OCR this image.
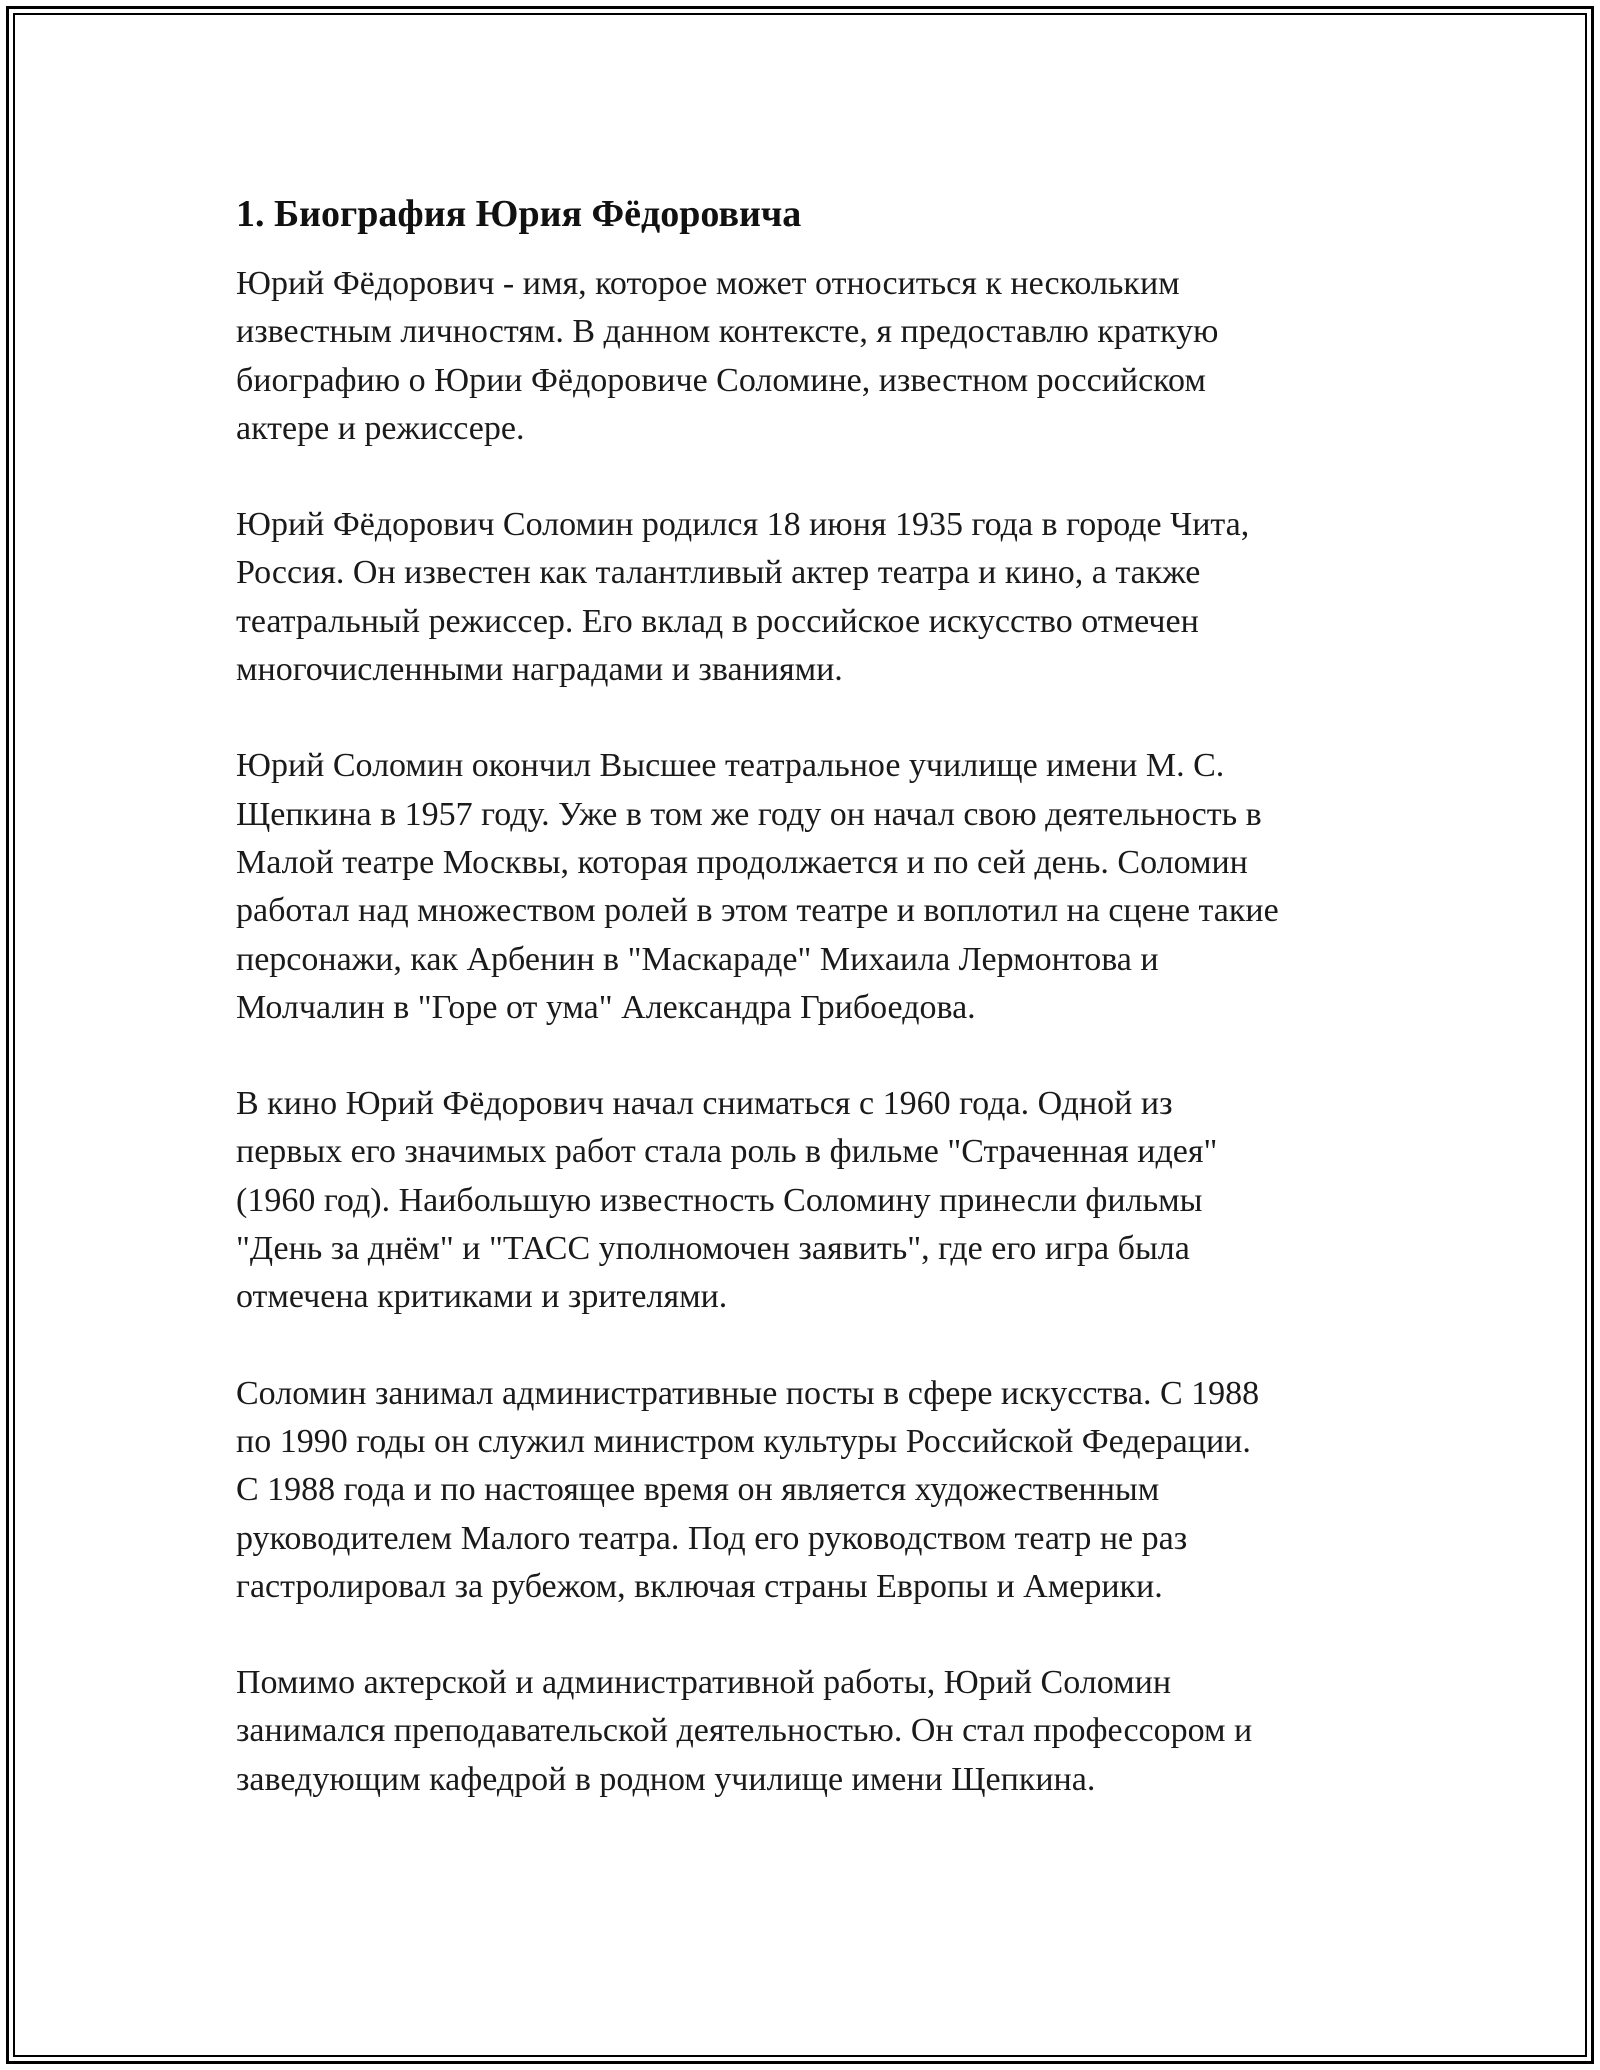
1. Биография Юрия Фёдоровича
Юрий Фёдорович - имя, которое может относиться к нескольким
известным личностям. В данном контексте, я предоставлю краткую
биографию о Юрии Фёдоровиче Соломине, известном российском
актере и режиссере.
Юрий Фёдорович Соломин родился 18 июня 1935 года в городе Чита,
Россия. Он известен как талантливый актер театра и кино, а также
театральный режиссер. Его вклад в российское искусство отмечен
многочисленными наградами и званиями.
Юрий Соломин окончил Высшее театральное училище имени М. С.
Щепкина в 1957 году. Уже в том же году он начал свою деятельность в
Малой театре Москвы, которая продолжается и по сей день. Соломин
работал над множеством ролей в этом театре и воплотил на сцене такие
персонажи, как Арбенин в "Маскараде" Михаила Лермонтова и
Молчалин в "Горе от ума" Александра Грибоедова.
В кино Юрий Фёдорович начал сниматься с 1960 года. Одной из
первых его значимых работ стала роль в фильме "Страченная идея"
(1960 год). Наибольшую известность Соломину принесли фильмы
"День за днём" и "ТАСС уполномочен заявить", где его игра была
отмечена критиками и зрителями.
Соломин занимал административные посты в сфере искусства. С 1988
по 1990 годы он служил министром культуры Российской Федерации.
С 1988 года и по настоящее время он является художественным
руководителем Малого театра. Под его руководством театр не раз
гастролировал за рубежом, включая страны Европы и Америки.
Помимо актерской и административной работы, Юрий Соломин
занимался преподавательской деятельностью. Он стал профессором и
заведующим кафедрой в родном училище имени Щепкина.
